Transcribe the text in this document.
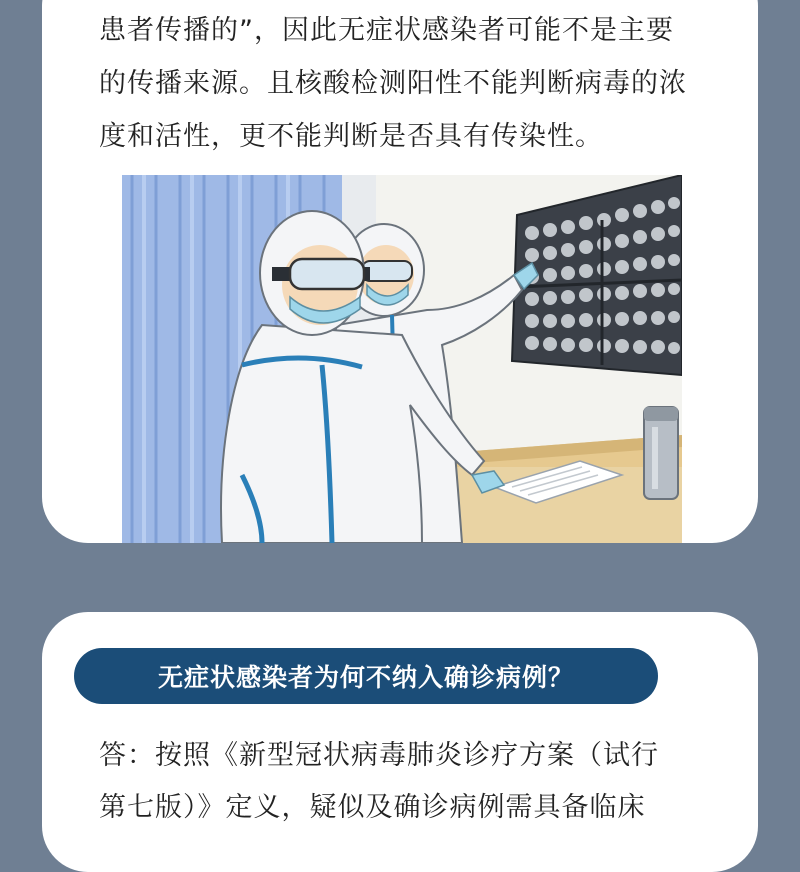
患者传播的”，因此无症状感染者可能不是主要
的传播来源。且核酸检测阳性不能判断病毒的浓
度和活性，更不能判断是否具有传染性。
无症状感染者为何不纳入确诊病例？
答：按照《新型冠状病毒肺炎诊疗方案（试行
第七版）》定义，疑似及确诊病例需具备临床
